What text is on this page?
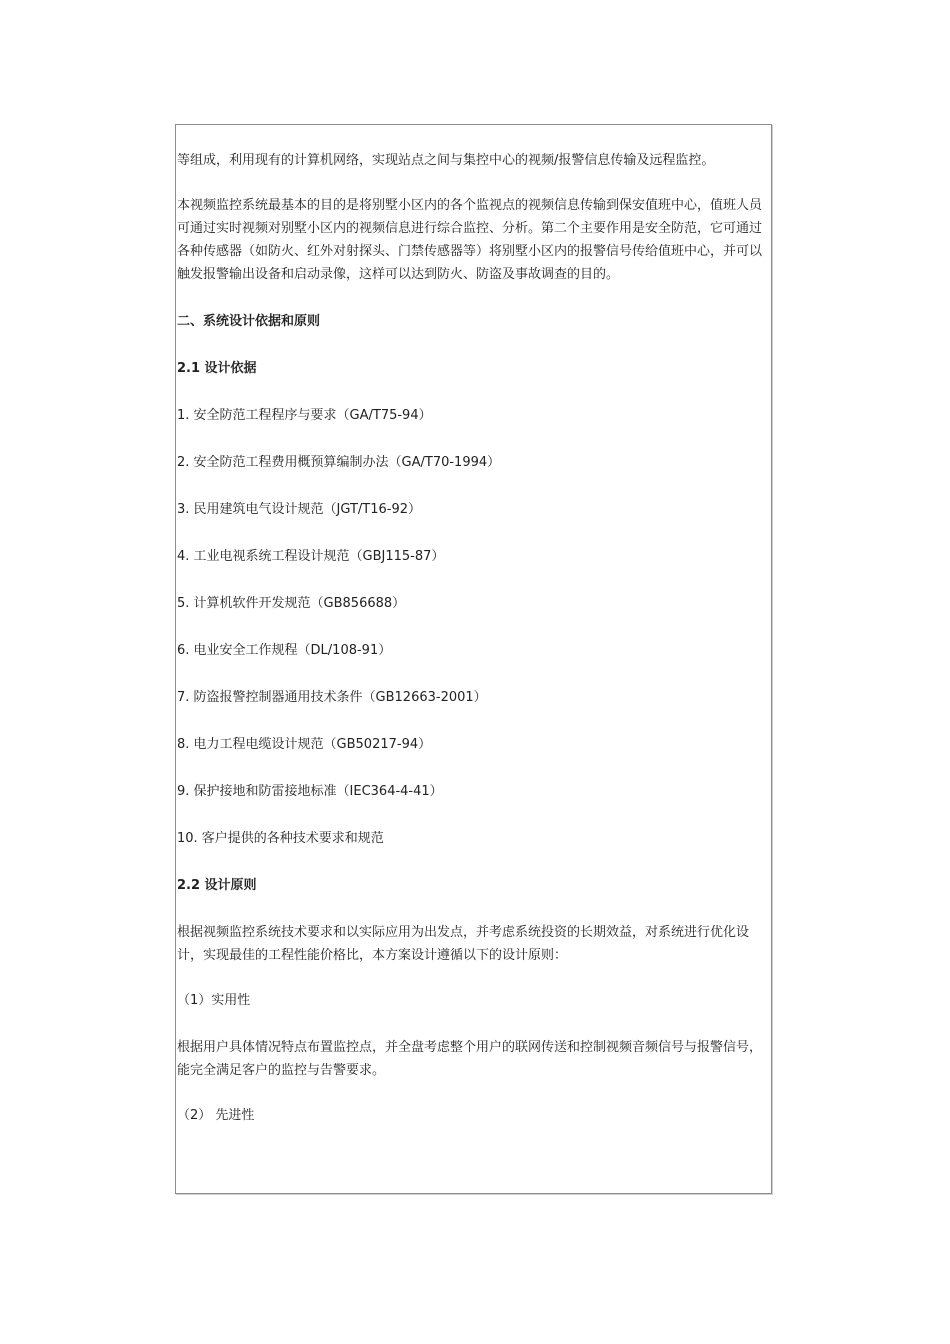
等组成，利用现有的计算机网络，实现站点之间与集控中心的视频/报警信息传输及远程监控。

本视频监控系统最基本的目的是将别墅小区内的各个监视点的视频信息传输到保安值班中心，值班人员可通过实时视频对别墅小区内的视频信息进行综合监控、分析。第二个主要作用是安全防范，它可通过各种传感器（如防火、红外对射探头、门禁传感器等）将别墅小区内的报警信号传给值班中心，并可以触发报警输出设备和启动录像，这样可以达到防火、防盗及事故调查的目的。

二、系统设计依据和原则

2.1 设计依据

1. 安全防范工程程序与要求（GA/T75-94）

2. 安全防范工程费用概预算编制办法（GA/T70-1994）

3. 民用建筑电气设计规范（JGT/T16-92）

4. 工业电视系统工程设计规范（GBJ115-87）

5. 计算机软件开发规范（GB856688）

6. 电业安全工作规程（DL/108-91）

7. 防盗报警控制器通用技术条件（GB12663-2001）

8. 电力工程电缆设计规范（GB50217-94）

9. 保护接地和防雷接地标准（IEC364-4-41）

10. 客户提供的各种技术要求和规范

2.2 设计原则

根据视频监控系统技术要求和以实际应用为出发点，并考虑系统投资的长期效益，对系统进行优化设计，实现最佳的工程性能价格比，本方案设计遵循以下的设计原则：

（1）实用性

根据用户具体情况特点布置监控点，并全盘考虑整个用户的联网传送和控制视频音频信号与报警信号，能完全满足客户的监控与告警要求。

（2） 先进性
